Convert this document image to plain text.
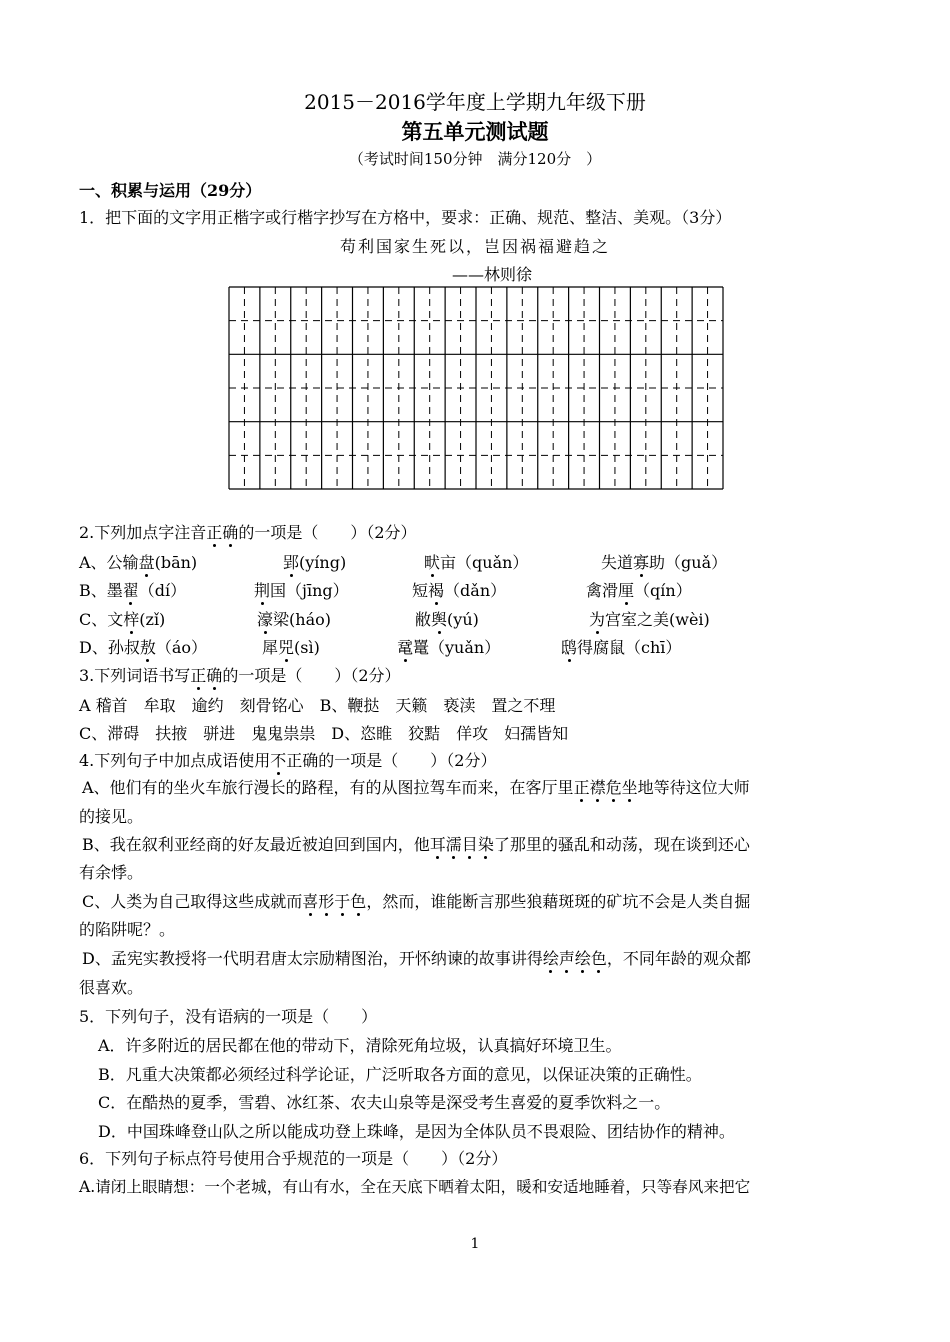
2015－2016学年度上学期九年级下册
第五单元测试题
（考试时间150分钟　满分120分　）
一、积累与运用（29分）
1．把下面的文字用正楷字或行楷字抄写在方格中，要求：正确、规范、整洁、美观。（3分）
苟利国家生死以，岂因祸福避趋之
——林则徐
2.下列加点字注音正确的一项是（　　）（2分）
A、公输盘(bān)	郢(yíng)	畎亩（quǎn）	失道寡助（guǎ）
B、墨翟（dí）	荆国（jīng）	短褐（dǎn）	禽滑厘（qín）
C、文梓(zǐ)	濠梁(háo)	敝舆(yú)	为宫室之美(wèi)
D、孙叔敖（áo）	犀兕(sì)	鼋鼍（yuǎn）	鸱得腐鼠（chī）
3.下列词语书写正确的一项是（　　）（2分）
A 稽首　牟取　逾约　刻骨铭心　B、鞭挞　天籁　亵渎　置之不理
C、滞碍　扶掖　骈进　鬼鬼祟祟　D、恣睢　狡黠　佯攻　妇孺皆知
4.下列句子中加点成语使用不正确的一项是（　　）（2分）
A、他们有的坐火车旅行漫长的路程，有的从图拉驾车而来，在客厅里正襟危坐地等待这位大师
的接见。
B、我在叙利亚经商的好友最近被迫回到国内，他耳濡目染了那里的骚乱和动荡，现在谈到还心
有余悸。
C、人类为自己取得这些成就而喜形于色，然而，谁能断言那些狼藉斑斑的矿坑不会是人类自掘
的陷阱呢？。
D、孟宪实教授将一代明君唐太宗励精图治，开怀纳谏的故事讲得绘声绘色，不同年龄的观众都
很喜欢。
5．下列句子，没有语病的一项是（　　）
A．许多附近的居民都在他的带动下，清除死角垃圾，认真搞好环境卫生。
B．凡重大决策都必须经过科学论证，广泛听取各方面的意见，以保证决策的正确性。
C．在酷热的夏季，雪碧、冰红茶、农夫山泉等是深受考生喜爱的夏季饮料之一。
D．中国珠峰登山队之所以能成功登上珠峰，是因为全体队员不畏艰险、团结协作的精神。
6．下列句子标点符号使用合乎规范的一项是（　　）（2分）
A.请闭上眼睛想：一个老城，有山有水，全在天底下晒着太阳，暖和安适地睡着，只等春风来把它
1
